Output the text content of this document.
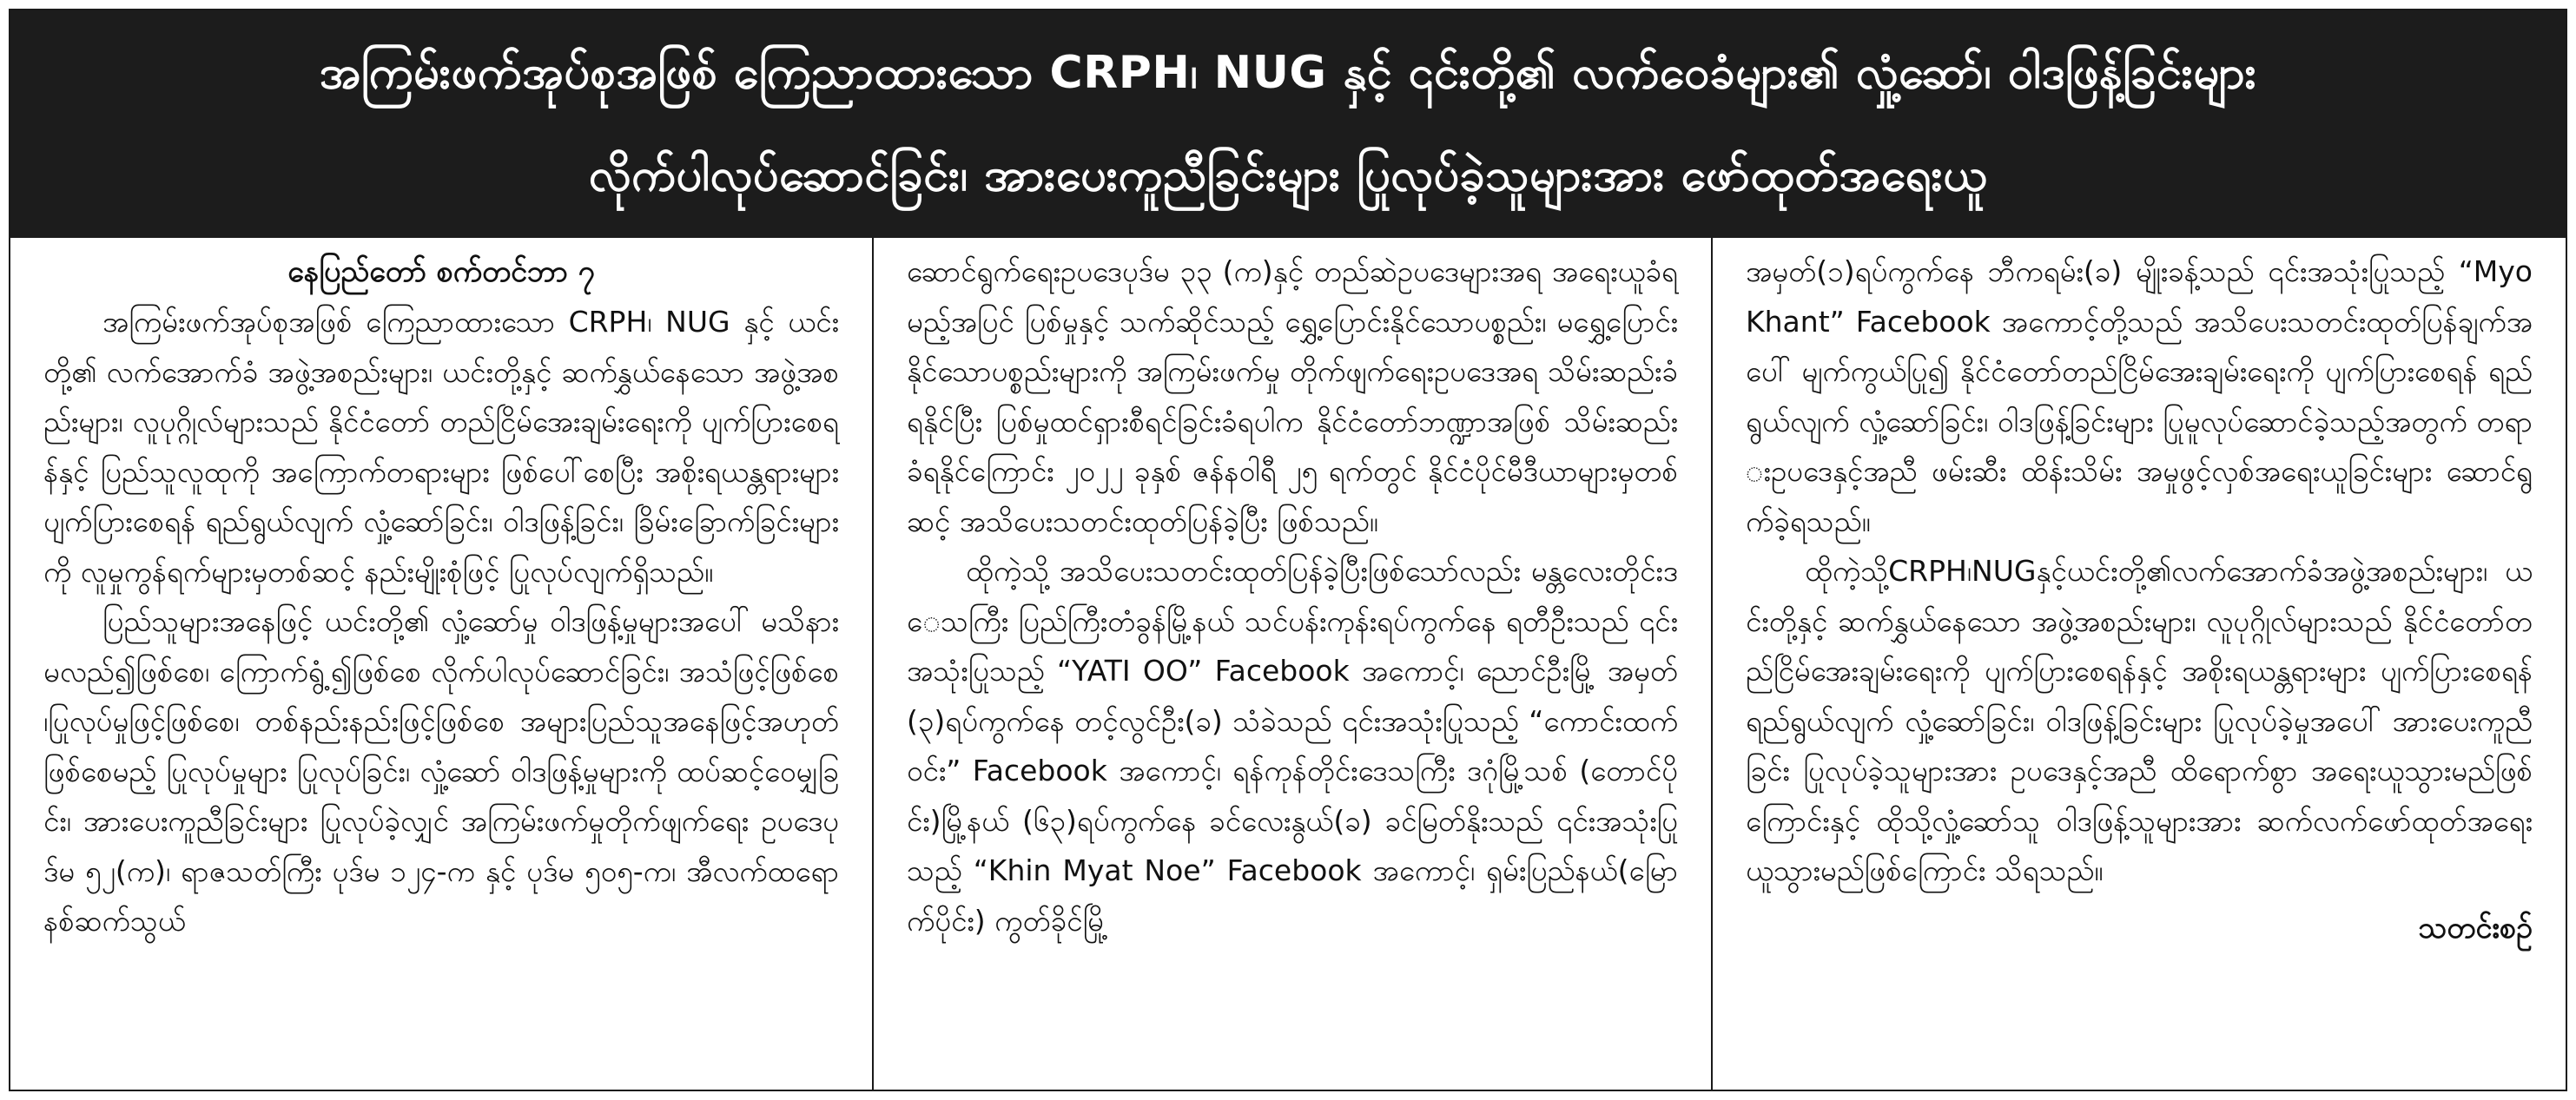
အကြမ်းဖက်အုပ်စုအဖြစ် ကြေညာထားသော CRPH၊ NUG နှင့် ၎င်းတို့၏ လက်ဝေခံများ၏ လှုံ့ဆော်၊ ဝါဒဖြန့်ခြင်းများ
လိုက်ပါလုပ်ဆောင်ခြင်း၊ အားပေးကူညီခြင်းများ ပြုလုပ်ခဲ့သူများအား ဖော်ထုတ်အရေးယူ

နေပြည်တော် စက်တင်ဘာ ၇

အကြမ်းဖက်အုပ်စုအဖြစ် ကြေညာထားသော CRPH၊ NUG နှင့် ယင်းတို့၏ လက်အောက်ခံ အဖွဲ့အစည်းများ၊ ယင်းတို့နှင့် ဆက်နွှယ်နေသော အဖွဲ့အစည်းများ၊ လူပုဂ္ဂိုလ်များသည် နိုင်ငံတော် တည်ငြိမ်အေးချမ်းရေးကို ပျက်ပြားစေရန်နှင့် ပြည်သူလူထုကို အကြောက်တရားများ ဖြစ်ပေါ်စေပြီး အစိုးရယန္တရားများ ပျက်ပြားစေရန် ရည်ရွယ်လျက် လှုံ့ဆော်ခြင်း၊ ဝါဒဖြန့်ခြင်း၊ ခြိမ်းခြောက်ခြင်းများကို လူမှုကွန်ရက်များမှတစ်ဆင့် နည်းမျိုးစုံဖြင့် ပြုလုပ်လျက်ရှိသည်။

ပြည်သူများအနေဖြင့် ယင်းတို့၏ လှုံ့ဆော်မှု ဝါဒဖြန့်မှုများအပေါ် မသိနားမလည်၍ဖြစ်စေ၊ ကြောက်ရွံ့၍ဖြစ်စေ လိုက်ပါလုပ်ဆောင်ခြင်း၊ အသံဖြင့်ဖြစ်စေ၊ပြုလုပ်မှုဖြင့်ဖြစ်စေ၊ တစ်နည်းနည်းဖြင့်ဖြစ်စေ အများပြည်သူအနေဖြင့်အဟုတ်ဖြစ်စေမည့် ပြုလုပ်မှုများ ပြုလုပ်ခြင်း၊ လှုံ့ဆော် ဝါဒဖြန့်မှုများကို ထပ်ဆင့်ဝေမျှခြင်း၊ အားပေးကူညီခြင်းများ ပြုလုပ်ခဲ့လျှင် အကြမ်းဖက်မှုတိုက်ဖျက်ရေး ဥပဒေပုဒ်မ ၅၂(က)၊ ရာဇသတ်ကြီး ပုဒ်မ ၁၂၄-က နှင့် ပုဒ်မ ၅၀၅-က၊ အီလက်ထရောနစ်ဆက်သွယ်

ဆောင်ရွက်ရေးဥပဒေပုဒ်မ ၃၃ (က)နှင့် တည်ဆဲဥပဒေများအရ အရေးယူခံရမည့်အပြင် ပြစ်မှုနှင့် သက်ဆိုင်သည့် ရွှေ့ပြောင်းနိုင်သောပစ္စည်း၊ မရွှေ့ပြောင်းနိုင်သောပစ္စည်းများကို အကြမ်းဖက်မှု တိုက်ဖျက်ရေးဥပဒေအရ သိမ်းဆည်းခံရနိုင်ပြီး ပြစ်မှုထင်ရှားစီရင်ခြင်းခံရပါက နိုင်ငံတော်ဘဏ္ဍာအဖြစ် သိမ်းဆည်းခံရနိုင်ကြောင်း ၂၀၂၂ ခုနှစ် ဇန်နဝါရီ ၂၅ ရက်တွင် နိုင်ငံပိုင်မီဒီယာများမှတစ်ဆင့် အသိပေးသတင်းထုတ်ပြန်ခဲ့ပြီး ဖြစ်သည်။

ထိုကဲ့သို့ အသိပေးသတင်းထုတ်ပြန်ခဲ့ပြီးဖြစ်သော်လည်း မန္တလေးတိုင်းဒေသကြီး ပြည်ကြီးတံခွန်မြို့နယ် သင်ပန်းကုန်းရပ်ကွက်နေ ရတီဦးသည် ၎င်းအသုံးပြုသည့် “YATI OO” Facebook အကောင့်၊ ညောင်ဦးမြို့ အမှတ်(၃)ရပ်ကွက်နေ တင့်လွင်ဦး(ခ) သံခဲသည် ၎င်းအသုံးပြုသည့် “ကောင်းထက်ဝင်း” Facebook အကောင့်၊ ရန်ကုန်တိုင်းဒေသကြီး ဒဂုံမြို့သစ် (တောင်ပိုင်း)မြို့နယ် (၆၃)ရပ်ကွက်နေ ခင်လေးနွယ်(ခ) ခင်မြတ်နိုးသည် ၎င်းအသုံးပြုသည့် “Khin Myat Noe” Facebook အကောင့်၊ ရှမ်းပြည်နယ်(မြောက်ပိုင်း) ကွတ်ခိုင်မြို့

အမှတ်(၁)ရပ်ကွက်နေ ဘီကရမ်း(ခ) မျိုးခန့်သည် ၎င်းအသုံးပြုသည့် “Myo Khant” Facebook အကောင့်တို့သည် အသိပေးသတင်းထုတ်ပြန်ချက်အပေါ် မျက်ကွယ်ပြု၍ နိုင်ငံတော်တည်ငြိမ်အေးချမ်းရေးကို ပျက်ပြားစေရန် ရည်ရွယ်လျက် လှုံ့ဆော်ခြင်း၊ ဝါဒဖြန့်ခြင်းများ ပြုမူလုပ်ဆောင်ခဲ့သည့်အတွက် တရားဥပဒေနှင့်အညီ ဖမ်းဆီး ထိန်းသိမ်း အမှုဖွင့်လှစ်အရေးယူခြင်းများ ဆောင်ရွက်ခဲ့ရသည်။

ထိုကဲ့သို့CRPH၊NUGနှင့်ယင်းတို့၏လက်အောက်ခံအဖွဲ့အစည်းများ၊ ယင်းတို့နှင့် ဆက်နွှယ်နေသော အဖွဲ့အစည်းများ၊ လူပုဂ္ဂိုလ်များသည် နိုင်ငံတော်တည်ငြိမ်အေးချမ်းရေးကို ပျက်ပြားစေရန်နှင့် အစိုးရယန္တရားများ ပျက်ပြားစေရန် ရည်ရွယ်လျက် လှုံ့ဆော်ခြင်း၊ ဝါဒဖြန့်ခြင်းများ ပြုလုပ်ခဲ့မှုအပေါ် အားပေးကူညီခြင်း ပြုလုပ်ခဲ့သူများအား ဥပဒေနှင့်အညီ ထိရောက်စွာ အရေးယူသွားမည်ဖြစ်ကြောင်းနှင့် ထိုသို့လှုံ့ဆော်သူ ဝါဒဖြန့်သူများအား ဆက်လက်ဖော်ထုတ်အရေးယူသွားမည်ဖြစ်ကြောင်း သိရသည်။

သတင်းစဉ်
